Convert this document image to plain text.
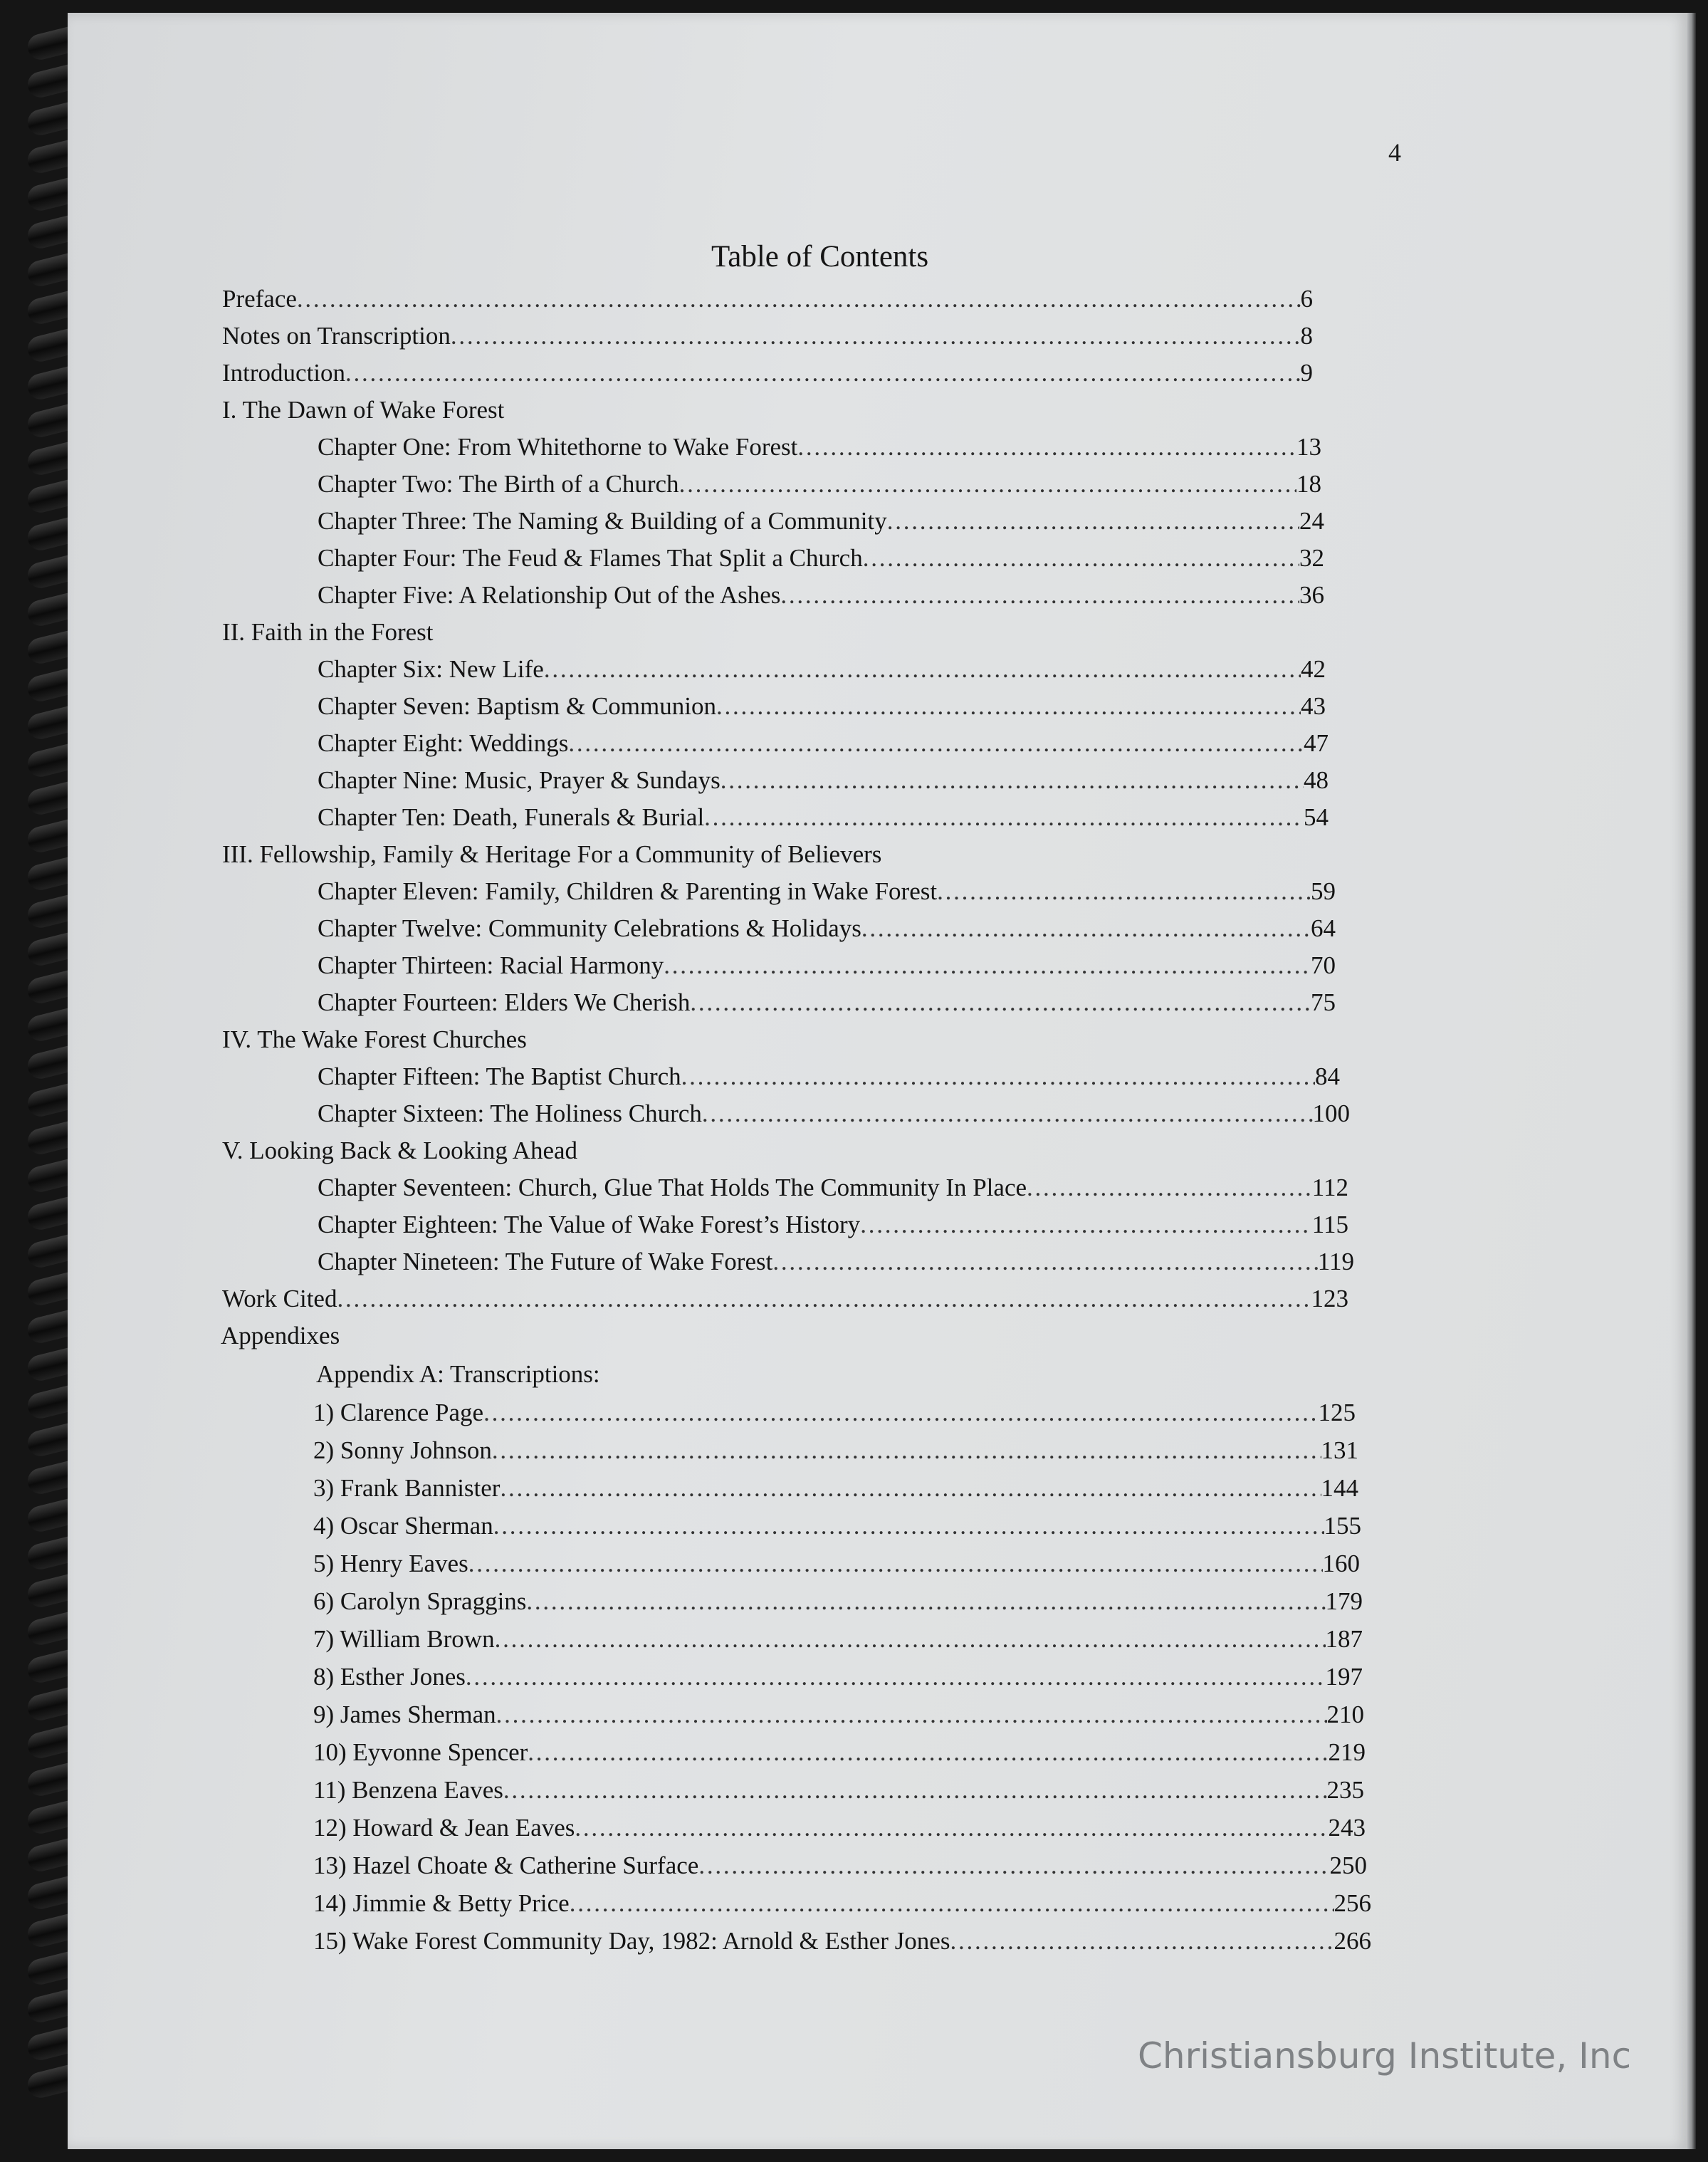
4
Table of Contents
Preface . . .	6
Notes on Transcription . . .	8
Introduction . . .	9
I. The Dawn of Wake Forest
Chapter One: From Whitethorne to Wake Forest . . .	13
Chapter Two: The Birth of a Church . . .	18
Chapter Three: The Naming & Building of a Community . . .	24
Chapter Four: The Feud & Flames That Split a Church . . .	32
Chapter Five: A Relationship Out of the Ashes . . .	36
II. Faith in the Forest
Chapter Six: New Life . . .	42
Chapter Seven: Baptism & Communion . . .	43
Chapter Eight: Weddings . . .	47
Chapter Nine: Music, Prayer & Sundays . . .	48
Chapter Ten: Death, Funerals & Burial . . .	54
III. Fellowship, Family & Heritage For a Community of Believers
Chapter Eleven: Family, Children & Parenting in Wake Forest . . .	59
Chapter Twelve: Community Celebrations & Holidays . . .	64
Chapter Thirteen: Racial Harmony . . .	70
Chapter Fourteen: Elders We Cherish . . .	75
IV. The Wake Forest Churches
Chapter Fifteen: The Baptist Church . . .	84
Chapter Sixteen: The Holiness Church . . .	100
V. Looking Back & Looking Ahead
Chapter Seventeen: Church, Glue That Holds The Community In Place . . .	112
Chapter Eighteen: The Value of Wake Forest’s History . . .	115
Chapter Nineteen: The Future of Wake Forest . . .	119
Work Cited . . .	123
Appendixes
Appendix A: Transcriptions:
1) Clarence Page . . .	125
2) Sonny Johnson . . .	131
3) Frank Bannister . . .	144
4) Oscar Sherman . . .	155
5) Henry Eaves . . .	160
6) Carolyn Spraggins . . .	179
7) William Brown . . .	187
8) Esther Jones . . .	197
9) James Sherman . . .	210
10) Eyvonne Spencer . . .	219
11) Benzena Eaves . . .	235
12) Howard & Jean Eaves . . .	243
13) Hazel Choate & Catherine Surface . . .	250
14) Jimmie & Betty Price . . .	256
15) Wake Forest Community Day, 1982: Arnold & Esther Jones . . .	266
Christiansburg Institute, Inc
